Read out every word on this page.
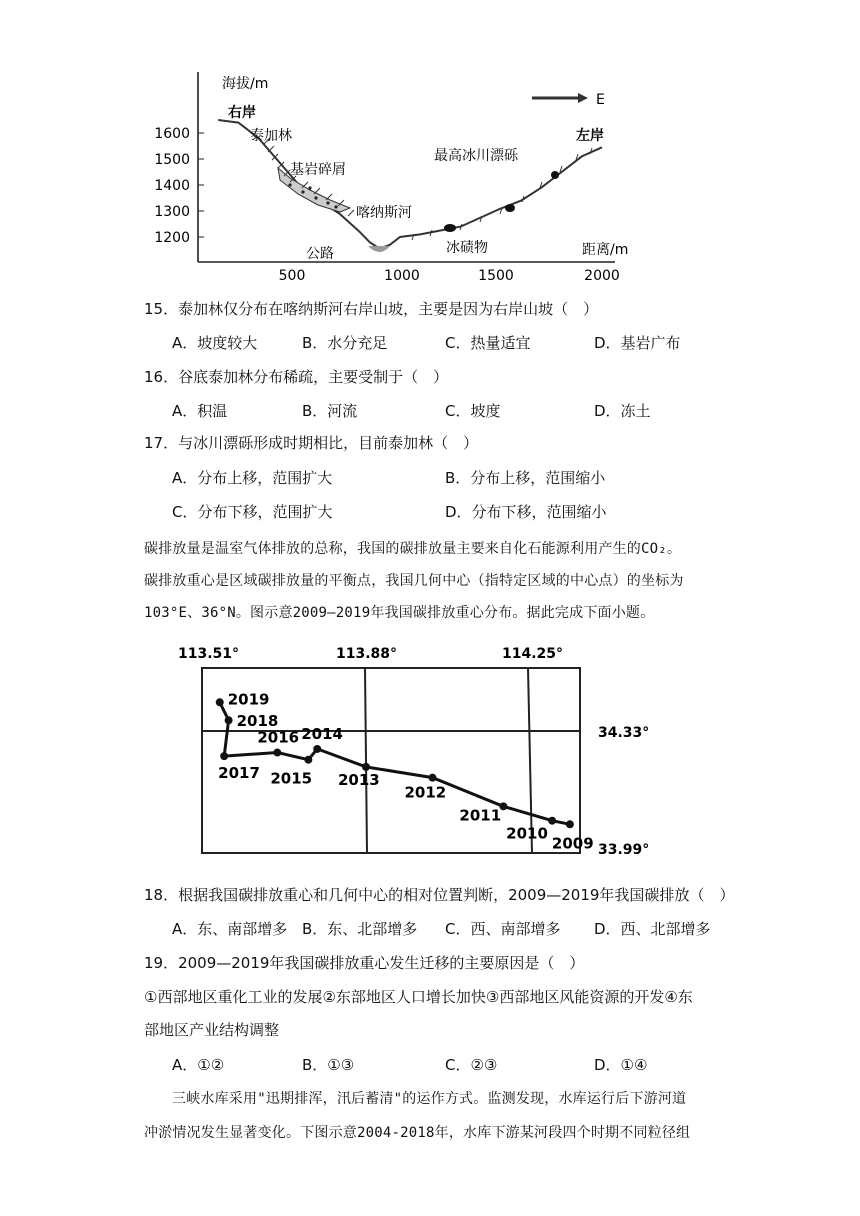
海拔/m
距离/m
1600
1500
1400
1300
1200
500	1000	1500	2000
E
右岸
泰加林
基岩碎屑
喀纳斯河
公路	冰碛物
最高冰川漂砾
左岸
15．泰加林仅分布在喀纳斯河右岸山坡，主要是因为右岸山坡（　）
A．坡度较大	B．水分充足	C．热量适宜	D．基岩广布
16．谷底泰加林分布稀疏，主要受制于（　）
A．积温	B．河流	C．坡度	D．冻土
17．与冰川漂砾形成时期相比，目前泰加林（　）
A．分布上移，范围扩大	B．分布上移，范围缩小
C．分布下移，范围扩大	D．分布下移，范围缩小
碳排放量是温室气体排放的总称，我国的碳排放量主要来自化石能源利用产生的CO₂。
碳排放重心是区域碳排放量的平衡点，我国几何中心（指特定区域的中心点）的坐标为
103°E、36°N。图示意2009—2019年我国碳排放重心分布。据此完成下面小题。
113.51°	113.88°	114.25°
34.33°
33.99°
2009
2010
2011
2012
2013
2014
2015
2016
2017
2018
2019
18．根据我国碳排放重心和几何中心的相对位置判断，2009—2019年我国碳排放（　）
A．东、南部增多 B．东、北部增多 C．西、南部增多 D．西、北部增多
19．2009—2019年我国碳排放重心发生迁移的主要原因是（　）
①西部地区重化工业的发展②东部地区人口增长加快③西部地区风能资源的开发④东
部地区产业结构调整
A．①②	B．①③	C．②③	D．①④
三峡水库采用"迅期排浑，汛后蓄清"的运作方式。监测发现，水库运行后下游河道
冲淤情况发生显著变化。下图示意2004-2018年，水库下游某河段四个时期不同粒径组
